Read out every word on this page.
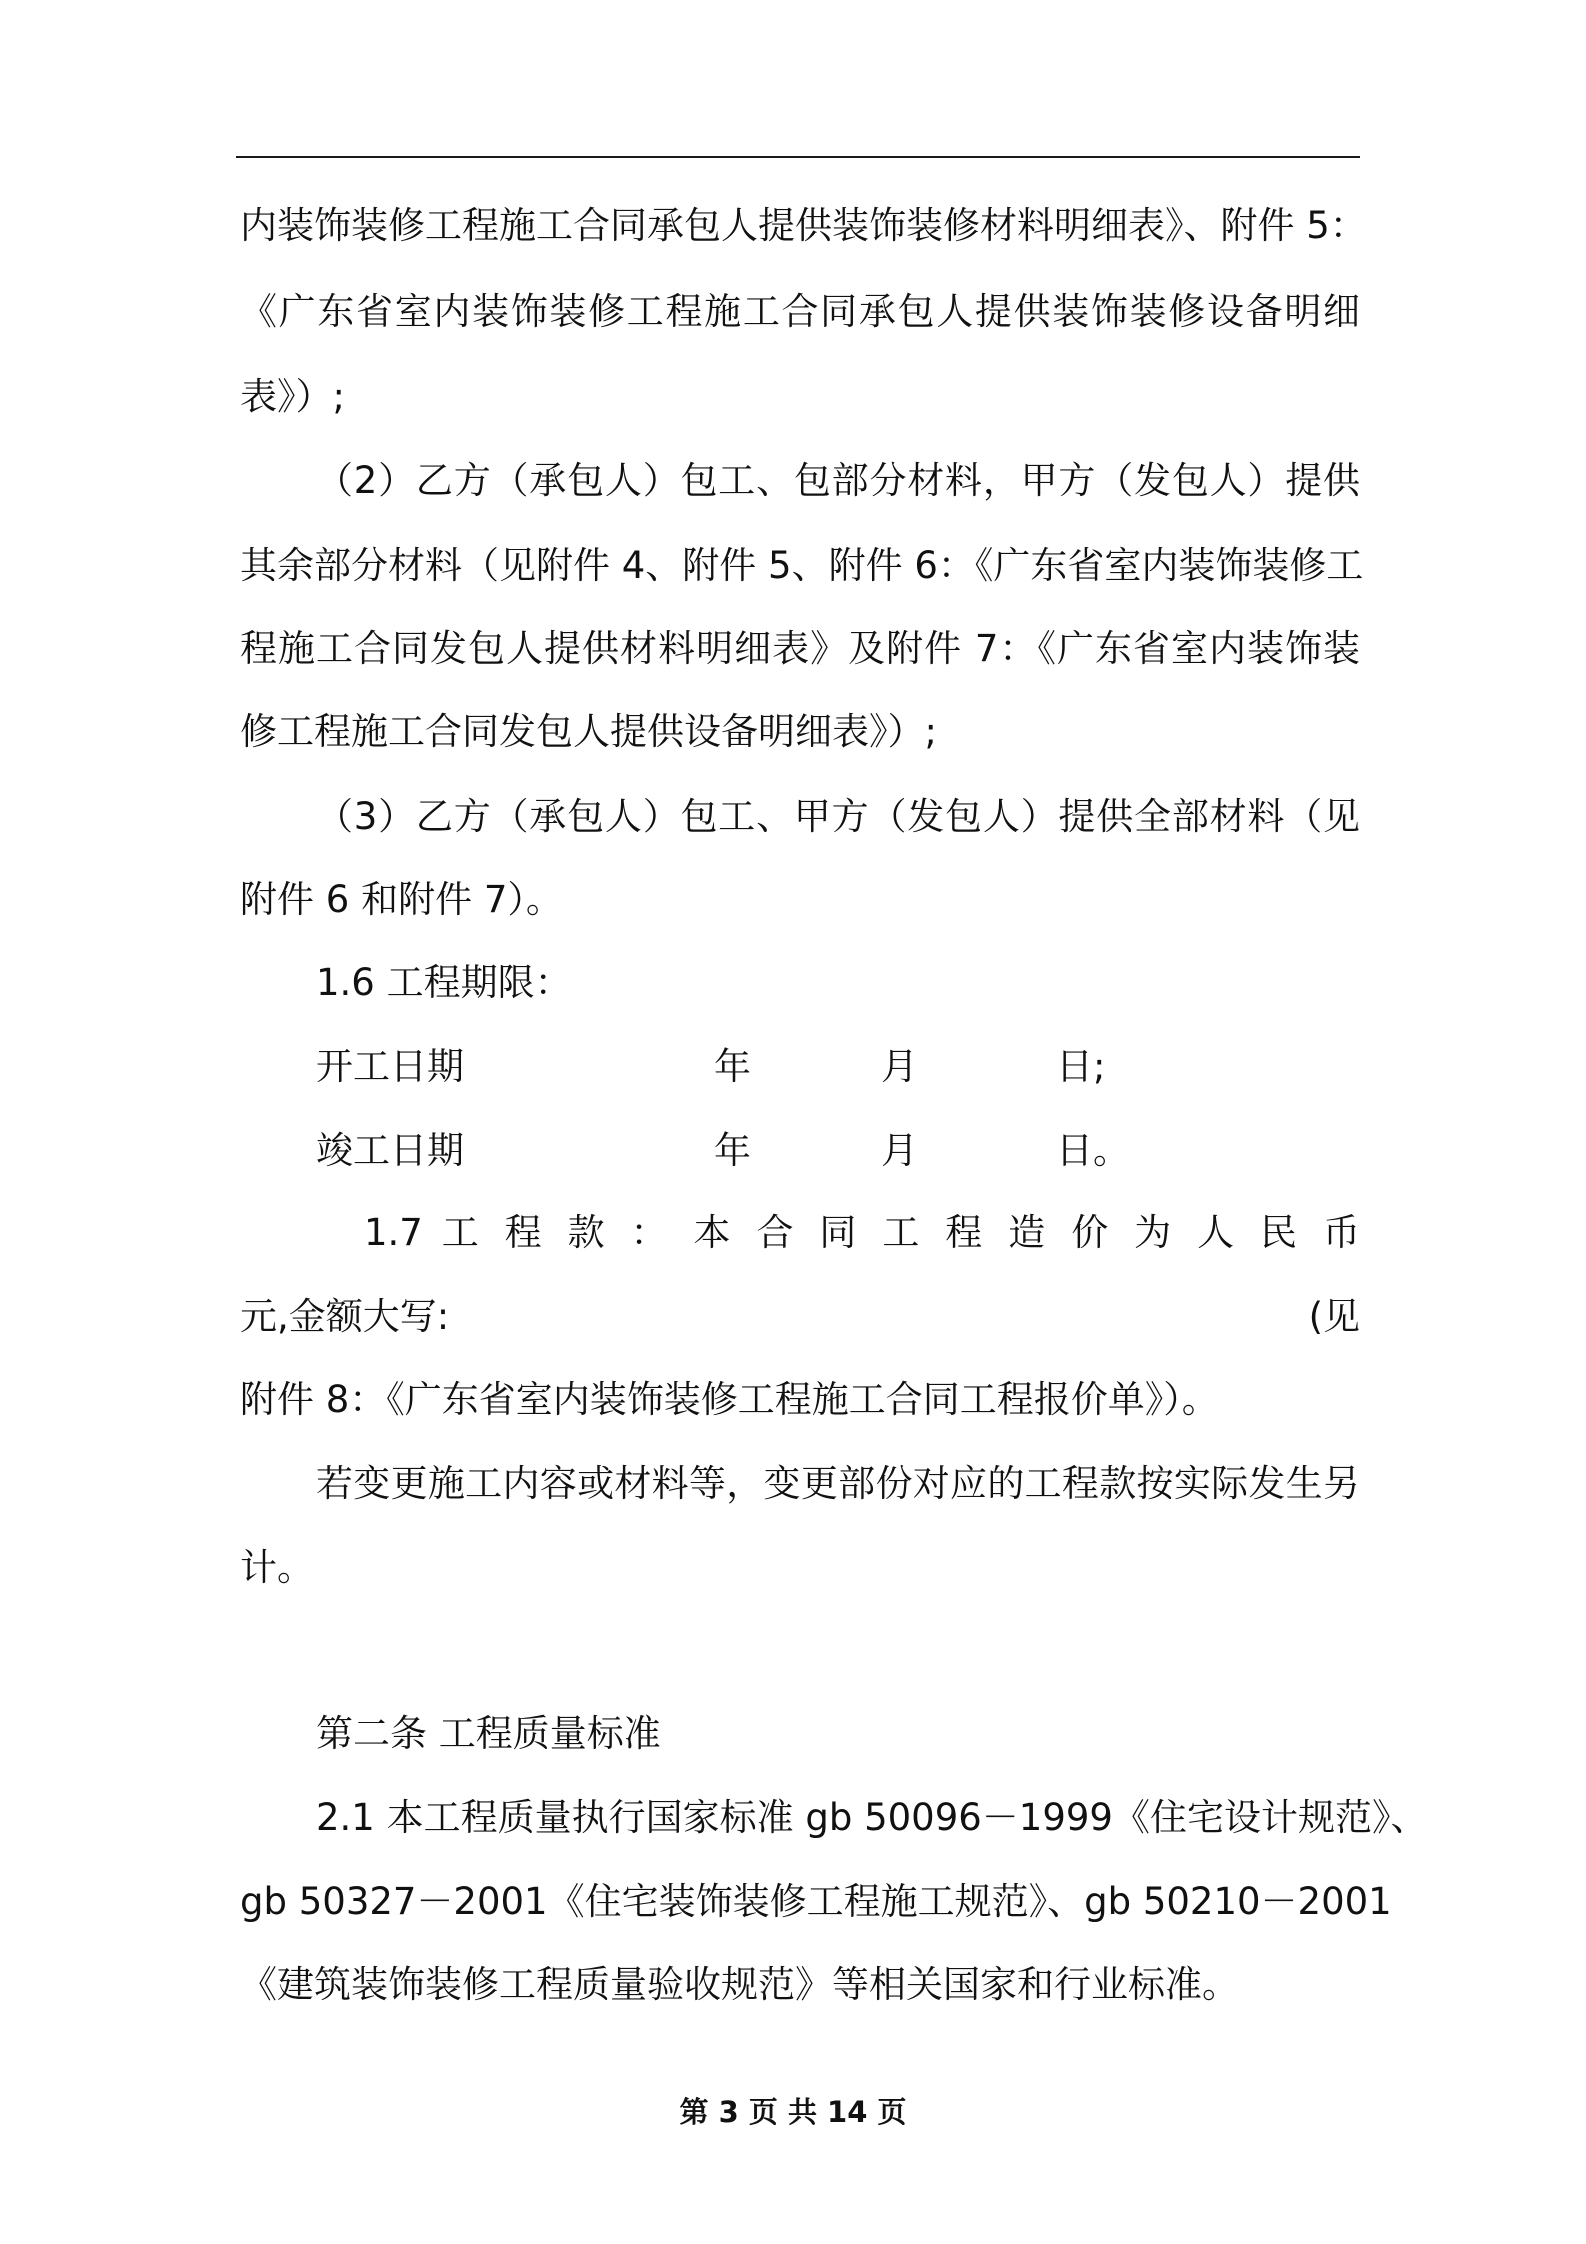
内装饰装修工程施工合同承包人提供装饰装修材料明细表》、附件 5：
《广东省室内装饰装修工程施工合同承包人提供装饰装修设备明细
表》）;
（2）乙方（承包人）包工、包部分材料，甲方（发包人）提供
其余部分材料（见附件 4、附件 5、附件 6：《广东省室内装饰装修工
程施工合同发包人提供材料明细表》及附件 7：《广东省室内装饰装
修工程施工合同发包人提供设备明细表》）;
（3）乙方（承包人）包工、甲方（发包人）提供全部材料（见
附件 6 和附件 7）。
1.6 工程期限：
开工日期	年	月	日;
竣工日期	年	月	日。
1.7 工 程 款 ： 本 合 同 工 程 造 价 为 人 民 币
元,金额大写:	(见
附件 8：《广东省室内装饰装修工程施工合同工程报价单》）。
若变更施工内容或材料等，变更部份对应的工程款按实际发生另
计。
第二条 工程质量标准
2.1 本工程质量执行国家标准 gb 50096－1999《住宅设计规范》、
gb 50327－2001《住宅装饰装修工程施工规范》、gb 50210－2001
《建筑装饰装修工程质量验收规范》等相关国家和行业标准。
第 3 页 共 14 页
